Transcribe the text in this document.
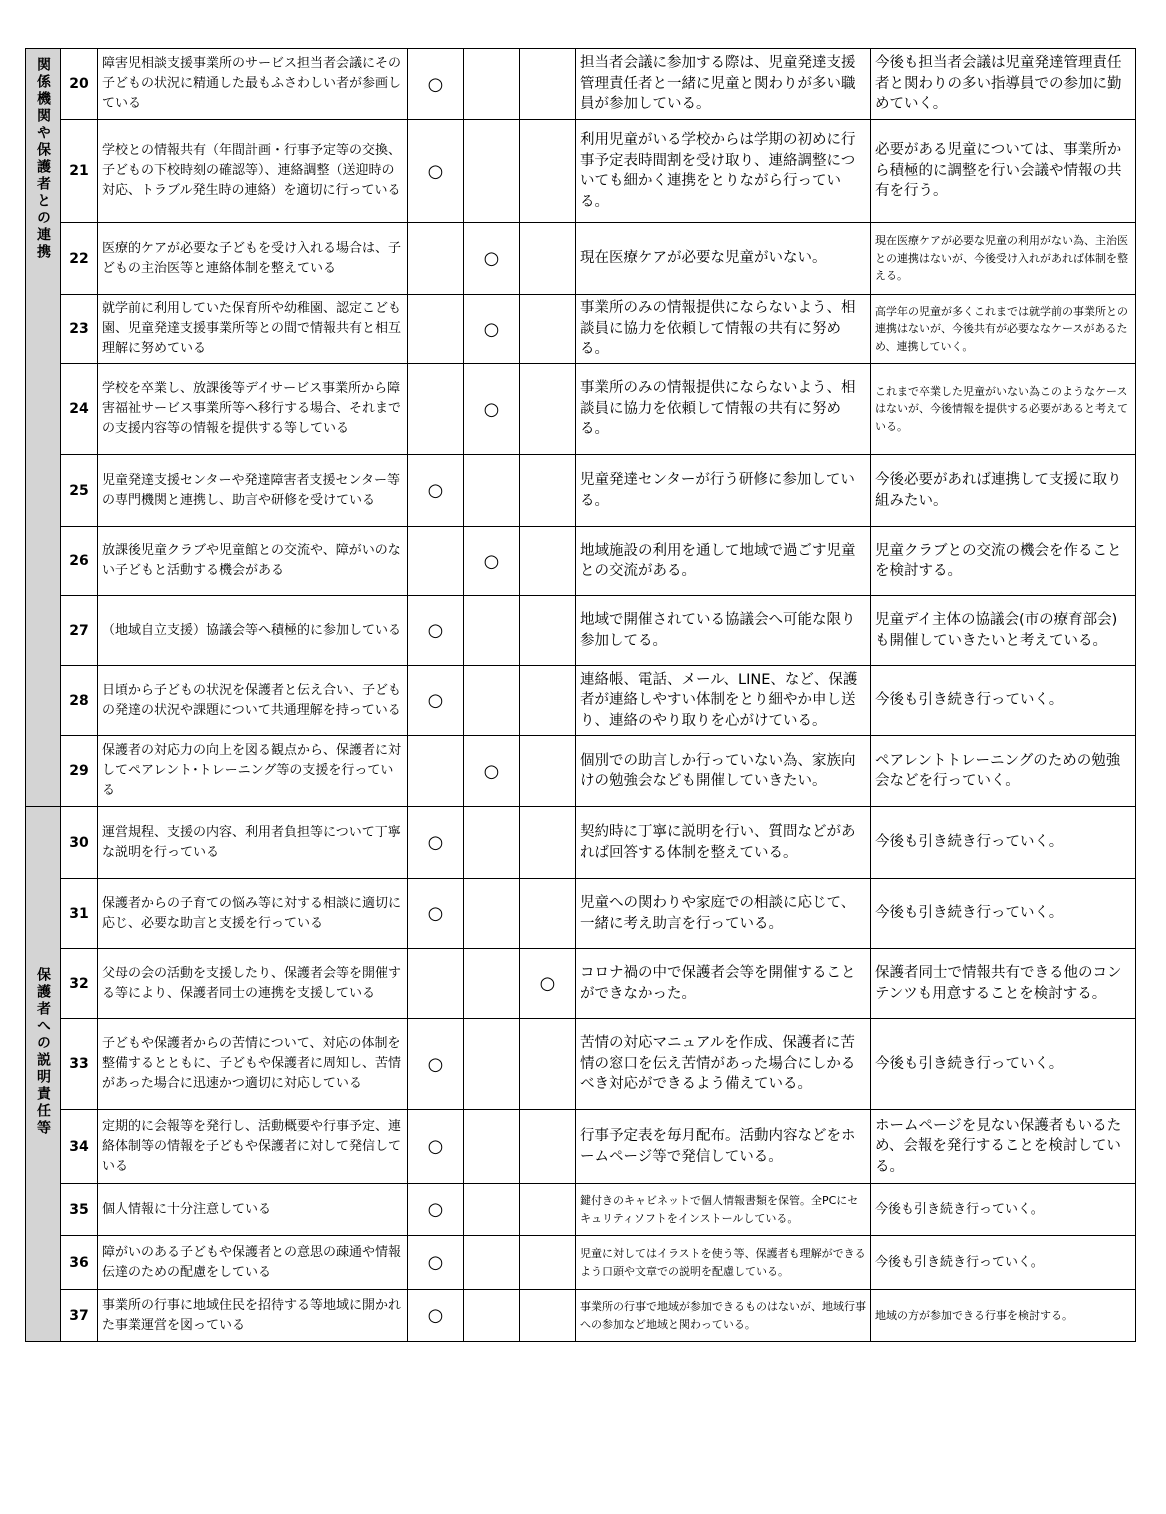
関係機関や保護者との連携	20	障害児相談支援事業所のサービス担当者会議にその子どもの状況に精通した最もふさわしい者が参画している	○			担当者会議に参加する際は、児童発達支援管理責任者と一緒に児童と関わりが多い職員が参加している。	今後も担当者会議は児童発達管理責任者と関わりの多い指導員での参加に勤めていく。
	21	学校との情報共有（年間計画・行事予定等の交換、子どもの下校時刻の確認等）、連絡調整（送迎時の対応、トラブル発生時の連絡）を適切に行っている	○			利用児童がいる学校からは学期の初めに行事予定表時間割を受け取り、連絡調整についても細かく連携をとりながら行っている。	必要がある児童については、事業所から積極的に調整を行い会議や情報の共有を行う。
	22	医療的ケアが必要な子どもを受け入れる場合は、子どもの主治医等と連絡体制を整えている		○		現在医療ケアが必要な児童がいない。	現在医療ケアが必要な児童の利用がない為、主治医との連携はないが、今後受け入れがあれば体制を整える。
	23	就学前に利用していた保育所や幼稚園、認定こども園、児童発達支援事業所等との間で情報共有と相互理解に努めている		○		事業所のみの情報提供にならないよう、相談員に協力を依頼して情報の共有に努める。	高学年の児童が多くこれまでは就学前の事業所との連携はないが、今後共有が必要ななケースがあるため、連携していく。
	24	学校を卒業し、放課後等デイサービス事業所から障害福祉サービス事業所等へ移行する場合、それまでの支援内容等の情報を提供する等している		○		事業所のみの情報提供にならないよう、相談員に協力を依頼して情報の共有に努める。	これまで卒業した児童がいない為このようなケースはないが、今後情報を提供する必要があると考えている。
	25	児童発達支援センターや発達障害者支援センター等の専門機関と連携し、助言や研修を受けている	○			児童発達センターが行う研修に参加している。	今後必要があれば連携して支援に取り組みたい。
	26	放課後児童クラブや児童館との交流や、障がいのない子どもと活動する機会がある		○		地域施設の利用を通して地域で過ごす児童との交流がある。	児童クラブとの交流の機会を作ることを検討する。
	27	（地域自立支援）協議会等へ積極的に参加している	○			地域で開催されている協議会へ可能な限り参加してる。	児童デイ主体の協議会(市の療育部会)も開催していきたいと考えている。
	28	日頃から子どもの状況を保護者と伝え合い、子どもの発達の状況や課題について共通理解を持っている	○			連絡帳、電話、メール、LINE、など、保護者が連絡しやすい体制をとり細やか申し送り、連絡のやり取りを心がけている。	今後も引き続き行っていく。
	29	保護者の対応力の向上を図る観点から、保護者に対してペアレント･トレーニング等の支援を行っている		○		個別での助言しか行っていない為、家族向けの勉強会なども開催していきたい。	ペアレントトレーニングのための勉強会などを行っていく。
保護者への説明責任等	30	運営規程、支援の内容、利用者負担等について丁寧な説明を行っている	○			契約時に丁寧に説明を行い、質問などがあれば回答する体制を整えている。	今後も引き続き行っていく。
	31	保護者からの子育ての悩み等に対する相談に適切に応じ、必要な助言と支援を行っている	○			児童への関わりや家庭での相談に応じて、一緒に考え助言を行っている。	今後も引き続き行っていく。
	32	父母の会の活動を支援したり、保護者会等を開催する等により、保護者同士の連携を支援している			○	コロナ禍の中で保護者会等を開催することができなかった。	保護者同士で情報共有できる他のコンテンツも用意することを検討する。
	33	子どもや保護者からの苦情について、対応の体制を整備するとともに、子どもや保護者に周知し、苦情があった場合に迅速かつ適切に対応している	○			苦情の対応マニュアルを作成、保護者に苦情の窓口を伝え苦情があった場合にしかるべき対応ができるよう備えている。	今後も引き続き行っていく。
	34	定期的に会報等を発行し、活動概要や行事予定、連絡体制等の情報を子どもや保護者に対して発信している	○			行事予定表を毎月配布。活動内容などをホームページ等で発信している。	ホームページを見ない保護者もいるため、会報を発行することを検討している。
	35	個人情報に十分注意している	○			鍵付きのキャビネットで個人情報書類を保管。全PCにセキュリティソフトをインストールしている。	今後も引き続き行っていく。
	36	障がいのある子どもや保護者との意思の疎通や情報伝達のための配慮をしている	○			児童に対してはイラストを使う等、保護者も理解ができるよう口頭や文章での説明を配慮している。	今後も引き続き行っていく。
	37	事業所の行事に地域住民を招待する等地域に開かれた事業運営を図っている	○			事業所の行事で地域が参加できるものはないが、地域行事への参加など地域と関わっている。	地域の方が参加できる行事を検討する。
